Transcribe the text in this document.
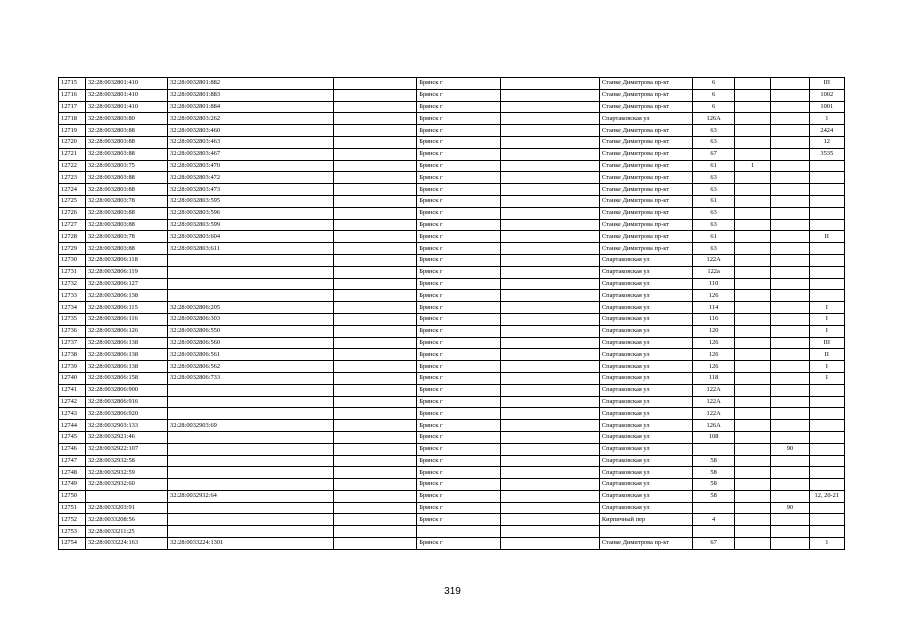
12715	32:28:0032801:410	32:28:0032801:882		Брянск г		Станке Димитрова пр-кт	6			III
12716	32:28:0032801:410	32:28:0032801:883		Брянск г		Станке Димитрова пр-кт	6			1002
12717	32:28:0032801:410	32:28:0032801:884		Брянск г		Станке Димитрова пр-кт	6			1001
12718	32:28:0032803:80	32:28:0032803:262		Брянск г		Спартаковская ул	126А			1
12719	32:28:0032803:88	32:28:0032803:460		Брянск г		Станке Димитрова пр-кт	63			2424
12720	32:28:0032803:88	32:28:0032803:463		Брянск г		Станке Димитрова пр-кт	63			12
12721	32:28:0032803:88	32:28:0032803:467		Брянск г		Станке Димитрова пр-кт	67			3535
12722	32:28:0032803:75	32:28:0032803:470		Брянск г		Станке Димитрова пр-кт	61	1		
12723	32:28:0032803:88	32:28:0032803:472		Брянск г		Станке Димитрова пр-кт	63			
12724	32:28:0032803:88	32:28:0032803:473		Брянск г		Станке Димитрова пр-кт	63			
12725	32:28:0032803:78	32:28:0032803:595		Брянск г		Станке Димитрова пр-кт	61			
12726	32:28:0032803:88	32:28:0032803:596		Брянск г		Станке Димитрова пр-кт	63			
12727	32:28:0032803:88	32:28:0032803:599		Брянск г		Станке Димитрова пр-кт	63			
12728	32:28:0032803:78	32:28:0032803:604		Брянск г		Станке Димитрова пр-кт	61			II
12729	32:28:0032803:88	32:28:0032803:611		Брянск г		Станке Димитрова пр-кт	63			
12730	32:28:0032806:118			Брянск г		Спартаковская ул	122А			
12731	32:28:0032806:119			Брянск г		Спартаковская ул	122а			
12732	32:28:0032806:127			Брянск г		Спартаковская ул	110			
12733	32:28:0032806:138			Брянск г		Спартаковская ул	126			
12734	32:28:0032806:115	32:28:0032806:205		Брянск г		Спартаковская ул	114			I
12735	32:28:0032806:116	32:28:0032806:303		Брянск г		Спартаковская ул	116			I
12736	32:28:0032806:126	32:28:0032806:550		Брянск г		Спартаковская ул	120			I
12737	32:28:0032806:138	32:28:0032806:560		Брянск г		Спартаковская ул	126			III
12738	32:28:0032806:138	32:28:0032806:561		Брянск г		Спартаковская ул	126			II
12739	32:28:0032806:138	32:28:0032806:562		Брянск г		Спартаковская ул	126			I
12740	32:28:0032806:158	32:28:0032806:733		Брянск г		Спартаковская ул	118			I
12741	32:28:0032806:900			Брянск г		Спартаковская ул	122А			
12742	32:28:0032806:916			Брянск г		Спартаковская ул	122А			
12743	32:28:0032806:920			Брянск г		Спартаковская ул	122А			
12744	32:28:0032903:133	32:28:0032903:69		Брянск г		Спартаковская ул	126А			
12745	32:28:0032921:46			Брянск г		Спартаковская ул	108			
12746	32:28:0032922:107			Брянск г		Спартаковская ул			90	
12747	32:28:0032932:58			Брянск г		Спартаковская ул	58			
12748	32:28:0032932:59			Брянск г		Спартаковская ул	58			
12749	32:28:0032932:60			Брянск г		Спартаковская ул	58			
12750		32:28:0032932:64		Брянск г		Спартаковская ул	58			12, 20-21
12751	32:28:0033203:91			Брянск г		Спартаковская ул			90	
12752	32:28:0033208:56			Брянск г		Кирпичный пер	4			
12753	32:28:0033211:25									
12754	32:28:0033224:163	32:28:0033224:1301		Брянск г		Станке Димитрова пр-кт	67			1
319
